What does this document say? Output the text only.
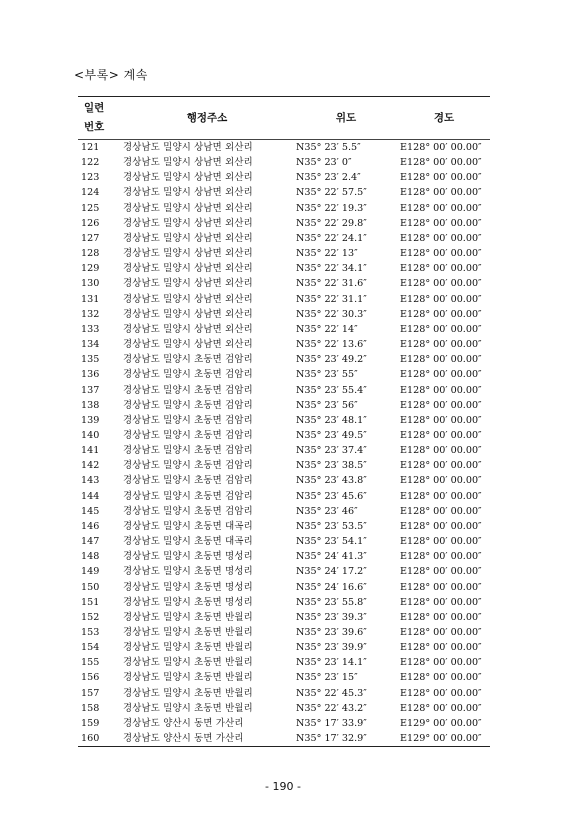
<부록> 계속
일련
번호	행정주소	위도	경도
121	경상남도 밀양시 상남면 외산리	N35° 23′ 5.5″	E128° 00′ 00.00″
122	경상남도 밀양시 상남면 외산리	N35° 23′ 0″	E128° 00′ 00.00″
123	경상남도 밀양시 상남면 외산리	N35° 23′ 2.4″	E128° 00′ 00.00″
124	경상남도 밀양시 상남면 외산리	N35° 22′ 57.5″	E128° 00′ 00.00″
125	경상남도 밀양시 상남면 외산리	N35° 22′ 19.3″	E128° 00′ 00.00″
126	경상남도 밀양시 상남면 외산리	N35° 22′ 29.8″	E128° 00′ 00.00″
127	경상남도 밀양시 상남면 외산리	N35° 22′ 24.1″	E128° 00′ 00.00″
128	경상남도 밀양시 상남면 외산리	N35° 22′ 13″	E128° 00′ 00.00″
129	경상남도 밀양시 상남면 외산리	N35° 22′ 34.1″	E128° 00′ 00.00″
130	경상남도 밀양시 상남면 외산리	N35° 22′ 31.6″	E128° 00′ 00.00″
131	경상남도 밀양시 상남면 외산리	N35° 22′ 31.1″	E128° 00′ 00.00″
132	경상남도 밀양시 상남면 외산리	N35° 22′ 30.3″	E128° 00′ 00.00″
133	경상남도 밀양시 상남면 외산리	N35° 22′ 14″	E128° 00′ 00.00″
134	경상남도 밀양시 상남면 외산리	N35° 22′ 13.6″	E128° 00′ 00.00″
135	경상남도 밀양시 초동면 검암리	N35° 23′ 49.2″	E128° 00′ 00.00″
136	경상남도 밀양시 초동면 검암리	N35° 23′ 55″	E128° 00′ 00.00″
137	경상남도 밀양시 초동면 검암리	N35° 23′ 55.4″	E128° 00′ 00.00″
138	경상남도 밀양시 초동면 검암리	N35° 23′ 56″	E128° 00′ 00.00″
139	경상남도 밀양시 초동면 검암리	N35° 23′ 48.1″	E128° 00′ 00.00″
140	경상남도 밀양시 초동면 검암리	N35° 23′ 49.5″	E128° 00′ 00.00″
141	경상남도 밀양시 초동면 검암리	N35° 23′ 37.4″	E128° 00′ 00.00″
142	경상남도 밀양시 초동면 검암리	N35° 23′ 38.5″	E128° 00′ 00.00″
143	경상남도 밀양시 초동면 검암리	N35° 23′ 43.8″	E128° 00′ 00.00″
144	경상남도 밀양시 초동면 검암리	N35° 23′ 45.6″	E128° 00′ 00.00″
145	경상남도 밀양시 초동면 검암리	N35° 23′ 46″	E128° 00′ 00.00″
146	경상남도 밀양시 초동면 대곡리	N35° 23′ 53.5″	E128° 00′ 00.00″
147	경상남도 밀양시 초동면 대곡리	N35° 23′ 54.1″	E128° 00′ 00.00″
148	경상남도 밀양시 초동면 명성리	N35° 24′ 41.3″	E128° 00′ 00.00″
149	경상남도 밀양시 초동면 명성리	N35° 24′ 17.2″	E128° 00′ 00.00″
150	경상남도 밀양시 초동면 명성리	N35° 24′ 16.6″	E128° 00′ 00.00″
151	경상남도 밀양시 초동면 명성리	N35° 23′ 55.8″	E128° 00′ 00.00″
152	경상남도 밀양시 초동면 반월리	N35° 23′ 39.3″	E128° 00′ 00.00″
153	경상남도 밀양시 초동면 반월리	N35° 23′ 39.6″	E128° 00′ 00.00″
154	경상남도 밀양시 초동면 반월리	N35° 23′ 39.9″	E128° 00′ 00.00″
155	경상남도 밀양시 초동면 반월리	N35° 23′ 14.1″	E128° 00′ 00.00″
156	경상남도 밀양시 초동면 반월리	N35° 23′ 15″	E128° 00′ 00.00″
157	경상남도 밀양시 초동면 반월리	N35° 22′ 45.3″	E128° 00′ 00.00″
158	경상남도 밀양시 초동면 반월리	N35° 22′ 43.2″	E128° 00′ 00.00″
159	경상남도 양산시 동면 가산리	N35° 17′ 33.9″	E129° 00′ 00.00″
160	경상남도 양산시 동면 가산리	N35° 17′ 32.9″	E129° 00′ 00.00″
- 190 -
